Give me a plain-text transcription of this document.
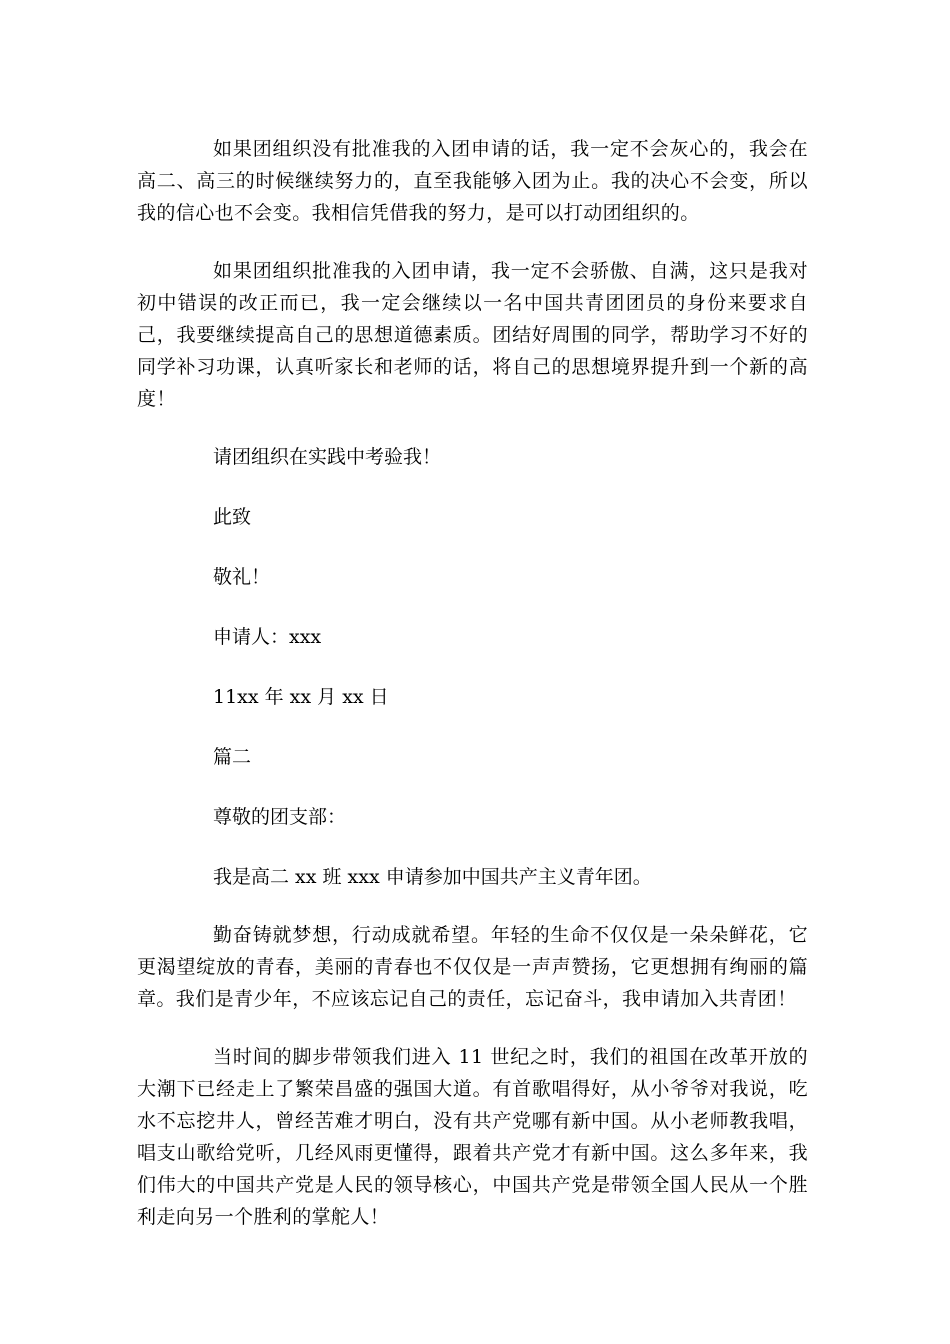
如果团组织没有批准我的入团申请的话，我一定不会灰心的，我会在高二、高三的时候继续努力的，直至我能够入团为止。我的决心不会变，所以我的信心也不会变。我相信凭借我的努力，是可以打动团组织的。

如果团组织批准我的入团申请，我一定不会骄傲、自满，这只是我对初中错误的改正而已，我一定会继续以一名中国共青团团员的身份来要求自己，我要继续提高自己的思想道德素质。团结好周围的同学，帮助学习不好的同学补习功课，认真听家长和老师的话，将自己的思想境界提升到一个新的高度！

请团组织在实践中考验我！

此致

敬礼！

申请人：xxx

11xx 年 xx 月 xx 日

篇二

尊敬的团支部：

我是高二 xx 班 xxx 申请参加中国共产主义青年团。

勤奋铸就梦想，行动成就希望。年轻的生命不仅仅是一朵朵鲜花，它更渴望绽放的青春，美丽的青春也不仅仅是一声声赞扬，它更想拥有绚丽的篇章。我们是青少年，不应该忘记自己的责任，忘记奋斗，我申请加入共青团！

当时间的脚步带领我们进入 11 世纪之时，我们的祖国在改革开放的大潮下已经走上了繁荣昌盛的强国大道。有首歌唱得好，从小爷爷对我说，吃水不忘挖井人，曾经苦难才明白，没有共产党哪有新中国。从小老师教我唱，唱支山歌给党听，几经风雨更懂得，跟着共产党才有新中国。这么多年来，我们伟大的中国共产党是人民的领导核心，中国共产党是带领全国人民从一个胜利走向另一个胜利的掌舵人！
